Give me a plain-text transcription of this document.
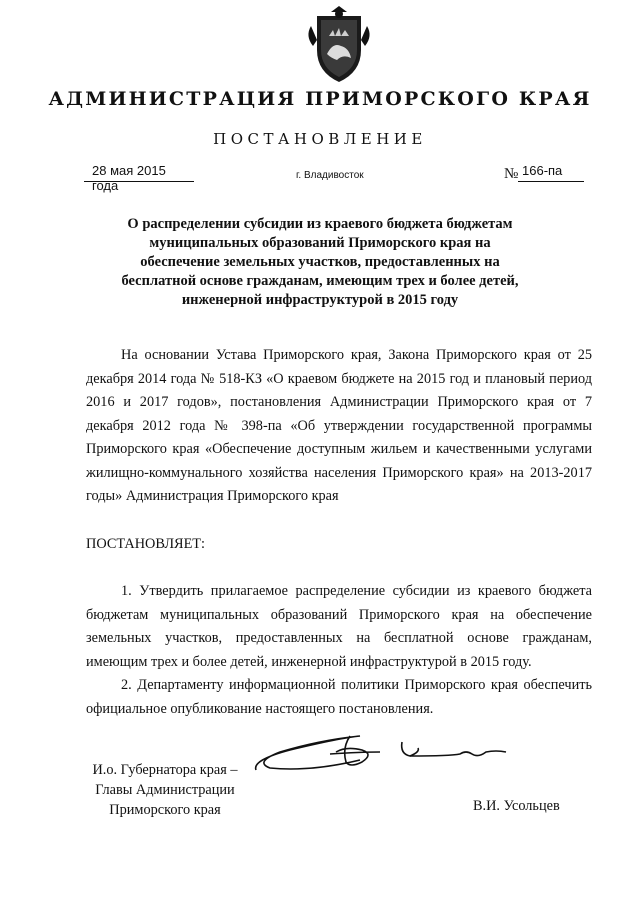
АДМИНИСТРАЦИЯ ПРИМОРСКОГО КРАЯ
ПОСТАНОВЛЕНИЕ
28 мая 2015 года
г. Владивосток	№ 166-па
О распределении субсидии из краевого бюджета бюджетам
муниципальных образований Приморского края на
обеспечение земельных участков, предоставленных на
бесплатной основе гражданам, имеющим трех и более детей,
инженерной инфраструктурой в 2015 году
На основании Устава Приморского края, Закона Приморского края от 25 декабря 2014 года № 518-КЗ «О краевом бюджете на 2015 год и плановый период 2016 и 2017 годов», постановления Администрации Приморского края от 7 декабря 2012 года № 398-па «Об утверждении государственной программы Приморского края «Обеспечение доступным жильем и качественными услугами жилищно-коммунального хозяйства населения Приморского края» на 2013-2017 годы» Администрация Приморского края
ПОСТАНОВЛЯЕТ:
1. Утвердить прилагаемое распределение субсидии из краевого бюджета бюджетам муниципальных образований Приморского края на обеспечение земельных участков, предоставленных на бесплатной основе гражданам, имеющим трех и более детей, инженерной инфраструктурой в 2015 году.
2. Департаменту информационной политики Приморского края обеспечить официальное опубликование настоящего постановления.
И.о. Губернатора края –
Главы Администрации
Приморского края	В.И. Усольцев
